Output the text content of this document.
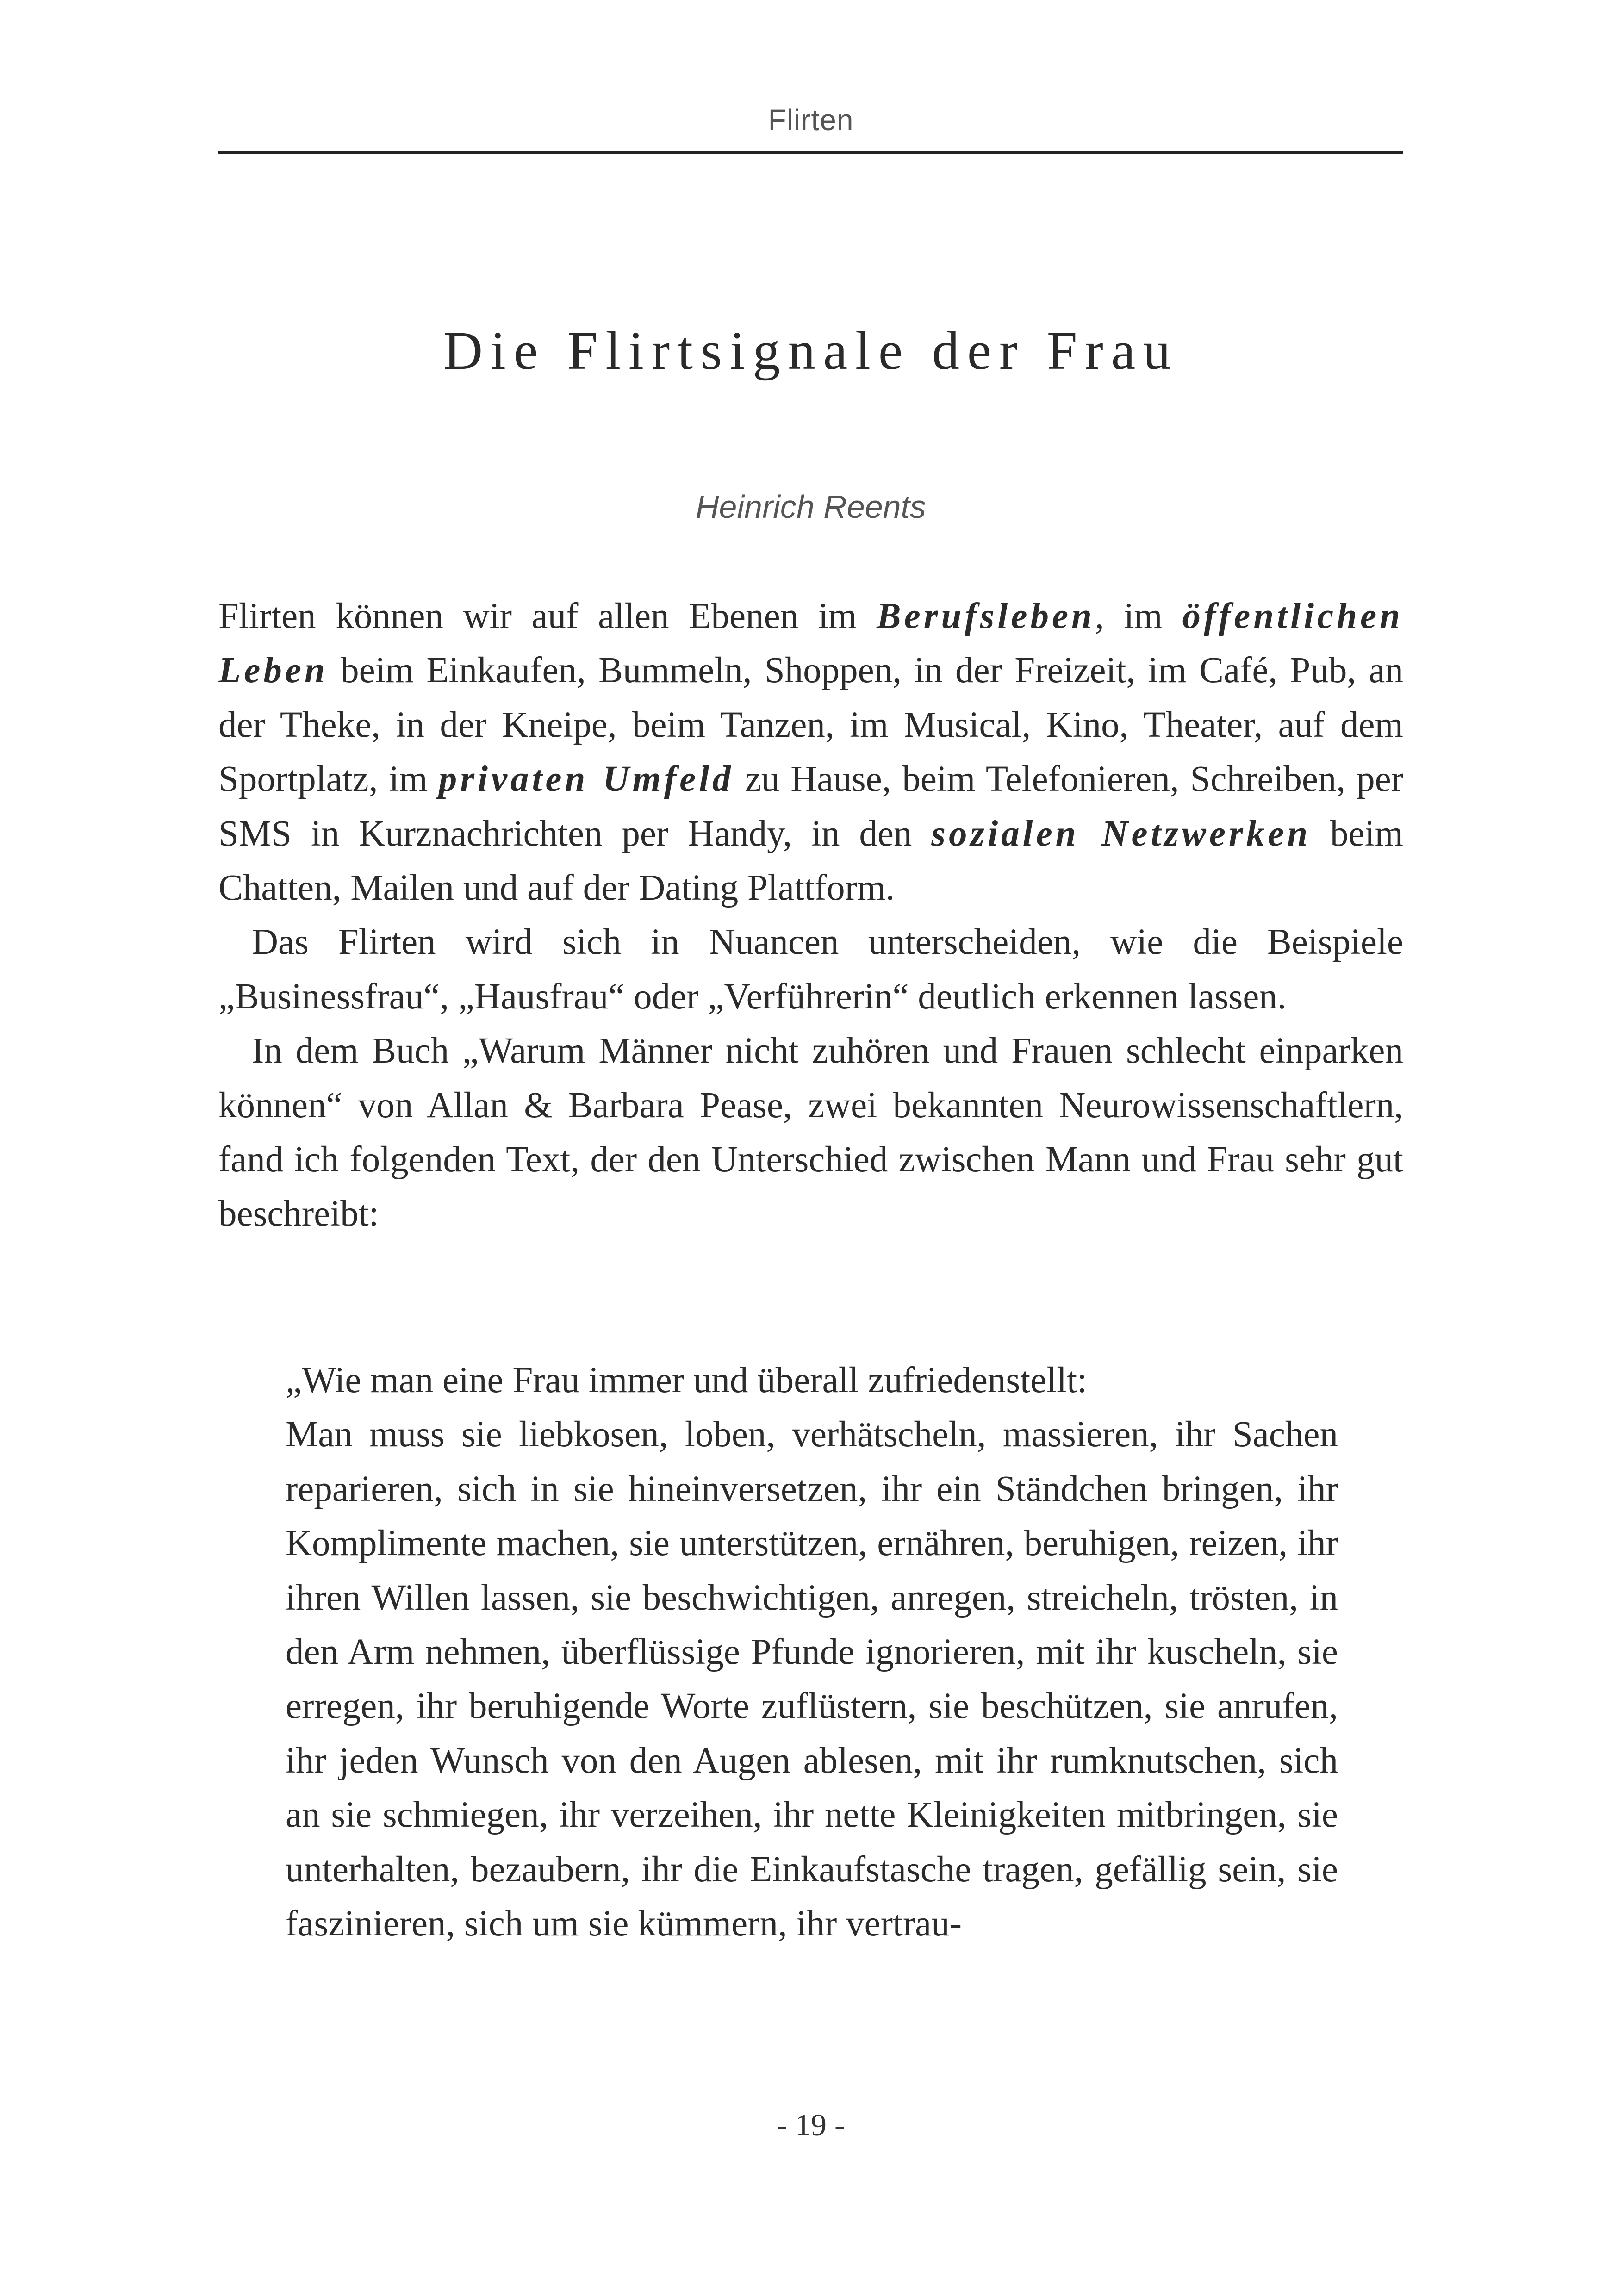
Flirten
Die Flirtsignale der Frau
Heinrich Reents

Flirten können wir auf allen Ebenen im Berufsleben, im öffentlichen Leben beim Einkaufen, Bummeln, Shoppen, in der Freizeit, im Café, Pub, an der Theke, in der Kneipe, beim Tanzen, im Musical, Kino, Theater, auf dem Sportplatz, im privaten Umfeld zu Hause, beim Telefonieren, Schreiben, per SMS in Kurznachrichten per Handy, in den sozialen Netzwerken beim Chatten, Mailen und auf der Dating Plattform.

Das Flirten wird sich in Nuancen unterscheiden, wie die Beispiele „Businessfrau“, „Hausfrau“ oder „Verführerin“ deutlich erkennen lassen.

In dem Buch „Warum Männer nicht zuhören und Frauen schlecht einparken können“ von Allan & Barbara Pease, zwei bekannten Neurowissenschaftlern, fand ich folgenden Text, der den Unterschied zwischen Mann und Frau sehr gut beschreibt:

„Wie man eine Frau immer und überall zufriedenstellt:

Man muss sie liebkosen, loben, verhätscheln, massieren, ihr Sachen reparieren, sich in sie hineinversetzen, ihr ein Ständchen bringen, ihr Komplimente machen, sie unterstützen, ernähren, beruhigen, reizen, ihr ihren Willen lassen, sie beschwichtigen, anregen, streicheln, trösten, in den Arm nehmen, überflüssige Pfunde ignorieren, mit ihr kuscheln, sie erregen, ihr beruhigende Worte zuflüstern, sie beschützen, sie anrufen, ihr jeden Wunsch von den Augen ablesen, mit ihr rumknutschen, sich an sie schmiegen, ihr verzeihen, ihr nette Kleinigkeiten mitbringen, sie unterhalten, bezaubern, ihr die Einkaufstasche tragen, gefällig sein, sie faszinieren, sich um sie kümmern, ihr vertrau-

- 19 -
